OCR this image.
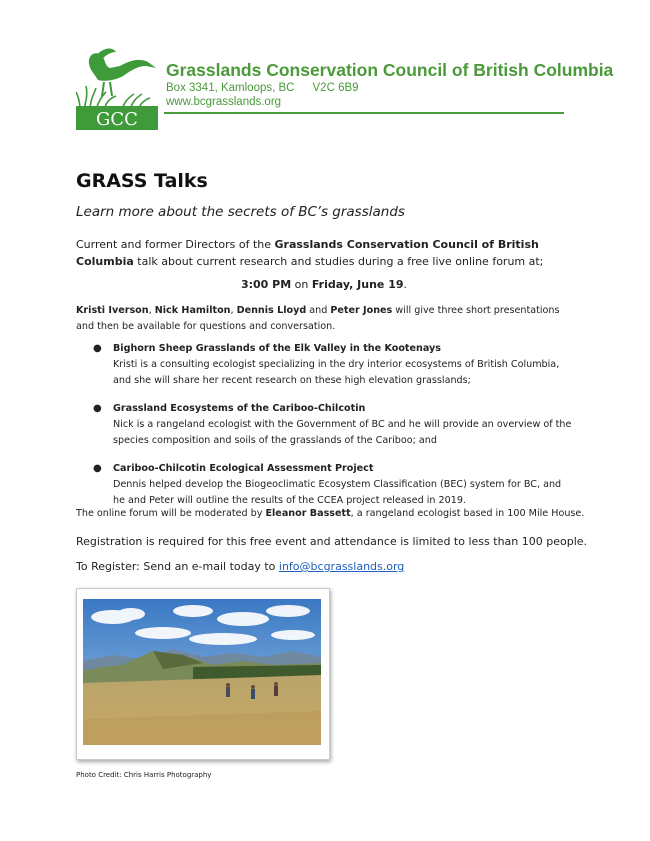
GCC
Grasslands Conservation Council of British Columbia
Box 3341, Kamloops, BC V2C 6B9
www.bcgrasslands.org
GRASS Talks
Learn more about the secrets of BC’s grasslands
Current and former Directors of the Grasslands Conservation Council of British Columbia talk about current research and studies during a free live online forum at;
3:00 PM on Friday, June 19.
Kristi Iverson, Nick Hamilton, Dennis Lloyd and Peter Jones will give three short presentations and then be available for questions and conversation.
● Bighorn Sheep Grasslands of the Elk Valley in the Kootenays
Kristi is a consulting ecologist specializing in the dry interior ecosystems of British Columbia, and she will share her recent research on these high elevation grasslands;
● Grassland Ecosystems of the Cariboo-Chilcotin
Nick is a rangeland ecologist with the Government of BC and he will provide an overview of the species composition and soils of the grasslands of the Cariboo; and
● Cariboo-Chilcotin Ecological Assessment Project
Dennis helped develop the Biogeoclimatic Ecosystem Classification (BEC) system for BC, and he and Peter will outline the results of the CCEA project released in 2019.
The online forum will be moderated by Eleanor Bassett, a rangeland ecologist based in 100 Mile House.
Registration is required for this free event and attendance is limited to less than 100 people.
To Register: Send an e-mail today to info@bcgrasslands.org
Photo Credit: Chris Harris Photography
